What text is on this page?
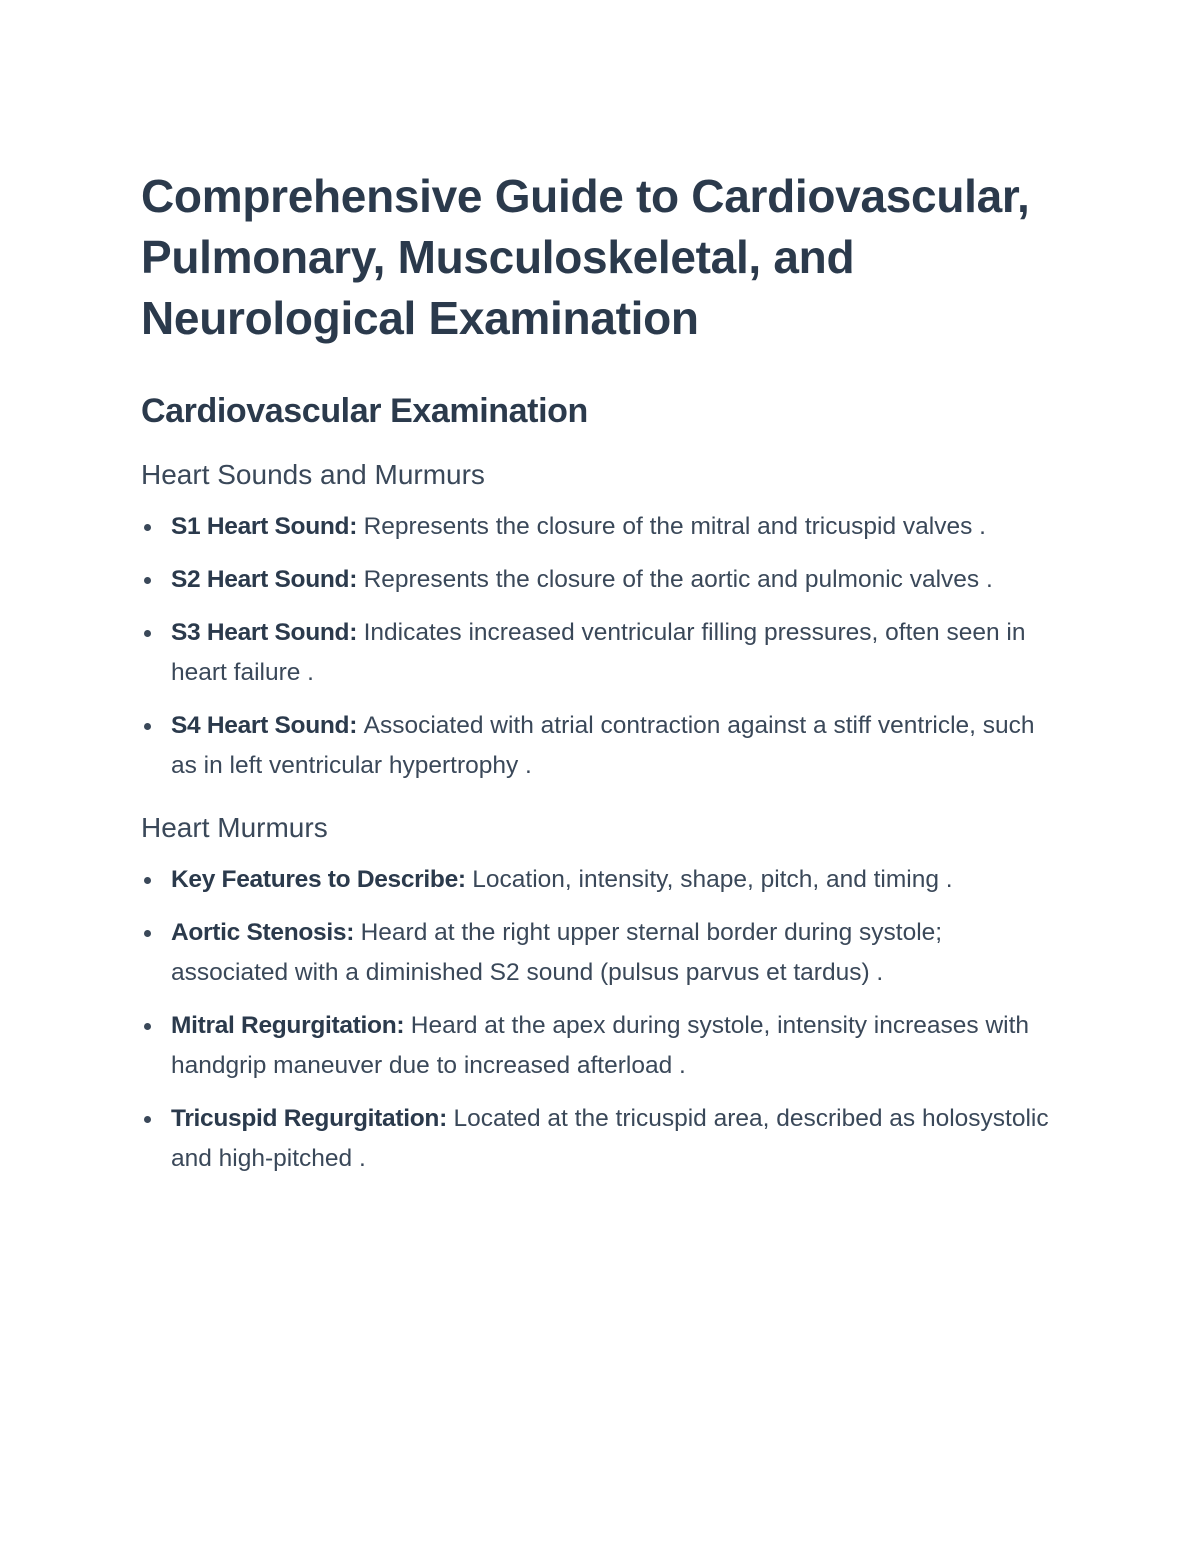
Comprehensive Guide to Cardiovascular, Pulmonary, Musculoskeletal, and Neurological Examination
Cardiovascular Examination
Heart Sounds and Murmurs
S1 Heart Sound: Represents the closure of the mitral and tricuspid valves .
S2 Heart Sound: Represents the closure of the aortic and pulmonic valves .
S3 Heart Sound: Indicates increased ventricular filling pressures, often seen in heart failure .
S4 Heart Sound: Associated with atrial contraction against a stiff ventricle, such as in left ventricular hypertrophy .
Heart Murmurs
Key Features to Describe: Location, intensity, shape, pitch, and timing .
Aortic Stenosis: Heard at the right upper sternal border during systole; associated with a diminished S2 sound (pulsus parvus et tardus) .
Mitral Regurgitation: Heard at the apex during systole, intensity increases with handgrip maneuver due to increased afterload .
Tricuspid Regurgitation: Located at the tricuspid area, described as holosystolic and high-pitched .
